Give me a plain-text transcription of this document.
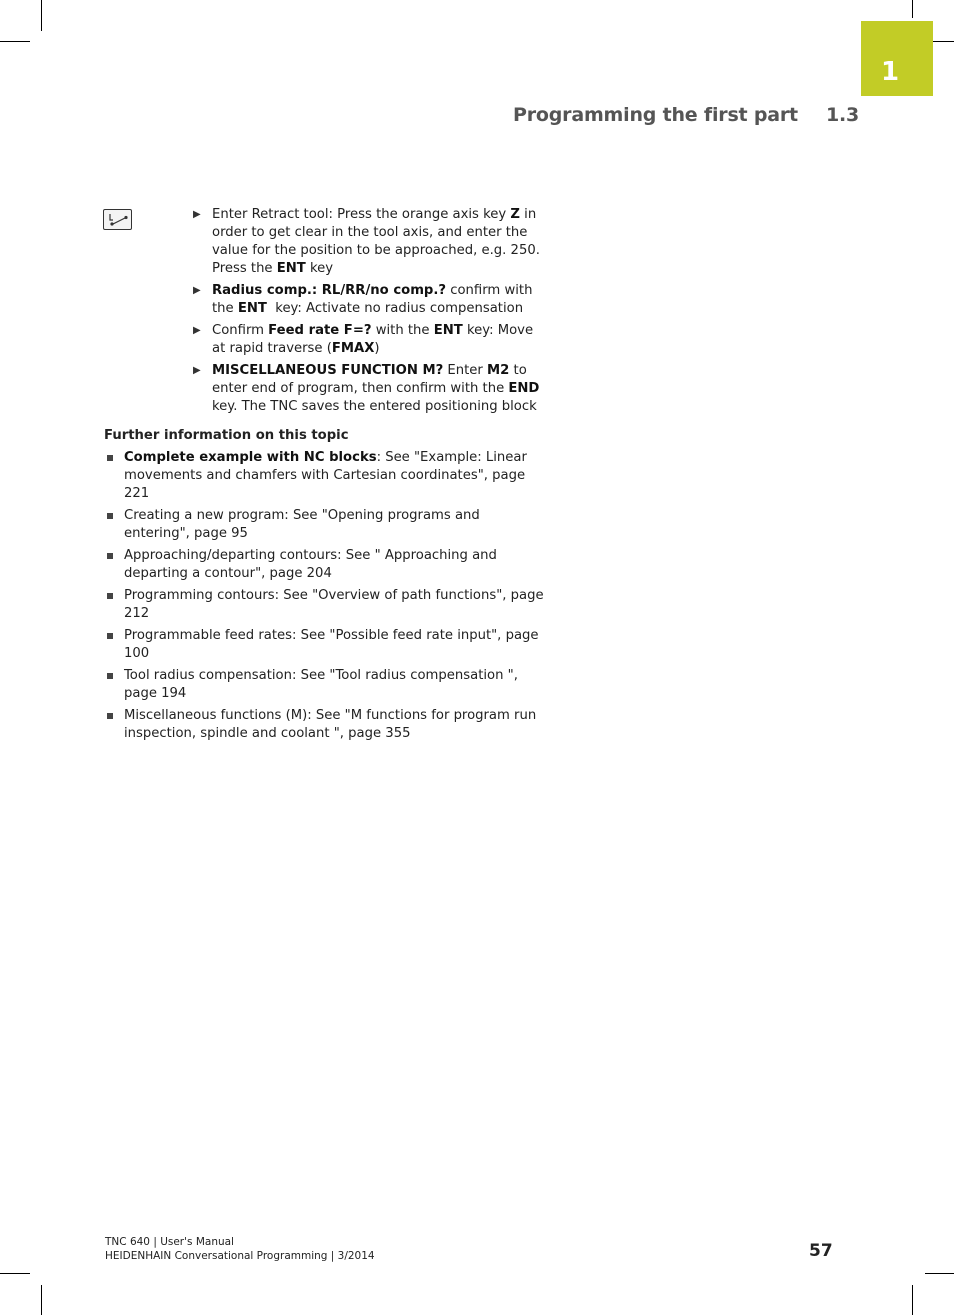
1
Programming the first part 1.3
▶ Enter Retract tool: Press the orange axis key Z in order to get clear in the tool axis, and enter the value for the position to be approached, e.g. 250. Press the ENT key
▶ Radius comp.: RL/RR/no comp.? confirm with the ENT  key: Activate no radius compensation
▶ Confirm Feed rate F=? with the ENT key: Move at rapid traverse (FMAX)
▶ MISCELLANEOUS FUNCTION M? Enter M2 to enter end of program, then confirm with the END key. The TNC saves the entered positioning block
Further information on this topic
Complete example with NC blocks: See "Example: Linear movements and chamfers with Cartesian coordinates", page 221
Creating a new program: See "Opening programs and entering", page 95
Approaching/departing contours: See " Approaching and departing a contour", page 204
Programming contours: See "Overview of path functions", page 212
Programmable feed rates: See "Possible feed rate input", page 100
Tool radius compensation: See "Tool radius compensation ", page 194
Miscellaneous functions (M): See "M functions for program run inspection, spindle and coolant ", page 355
TNC 640 | User's Manual
HEIDENHAIN Conversational Programming | 3/2014	57
